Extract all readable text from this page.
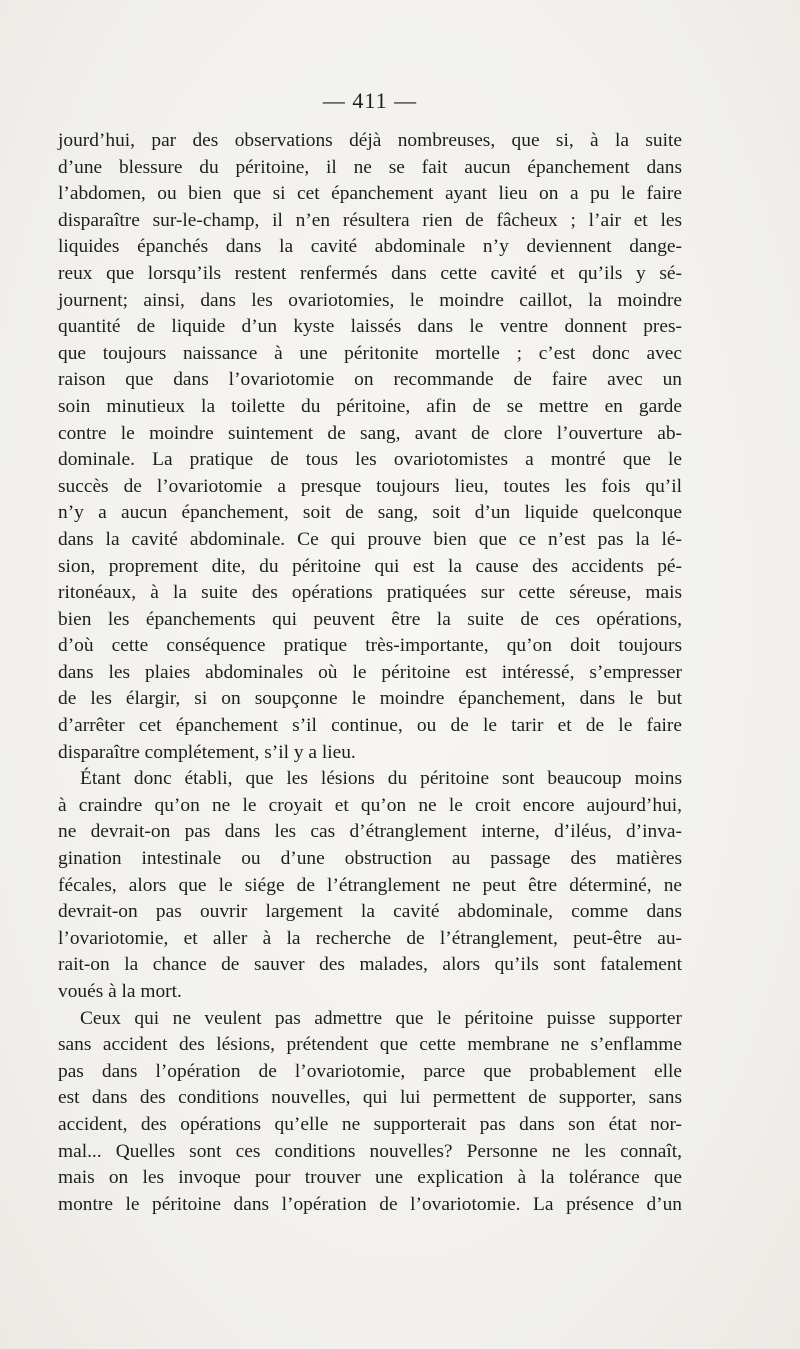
— 411 —
jourd’hui, par des observations déjà nombreuses, que si, à la suite
d’une blessure du péritoine, il ne se fait aucun épanchement dans
l’abdomen, ou bien que si cet épanchement ayant lieu on a pu le faire
disparaître sur-le-champ, il n’en résultera rien de fâcheux ; l’air et les
liquides épanchés dans la cavité abdominale n’y deviennent dange-
reux que lorsqu’ils restent renfermés dans cette cavité et qu’ils y sé-
journent; ainsi, dans les ovariotomies, le moindre caillot, la moindre
quantité de liquide d’un kyste laissés dans le ventre donnent pres-
que toujours naissance à une péritonite mortelle ; c’est donc avec
raison que dans l’ovariotomie on recommande de faire avec un
soin minutieux la toilette du péritoine, afin de se mettre en garde
contre le moindre suintement de sang, avant de clore l’ouverture ab-
dominale. La pratique de tous les ovariotomistes a montré que le
succès de l’ovariotomie a presque toujours lieu, toutes les fois qu’il
n’y a aucun épanchement, soit de sang, soit d’un liquide quelconque
dans la cavité abdominale. Ce qui prouve bien que ce n’est pas la lé-
sion, proprement dite, du péritoine qui est la cause des accidents pé-
ritonéaux, à la suite des opérations pratiquées sur cette séreuse, mais
bien les épanchements qui peuvent être la suite de ces opérations,
d’où cette conséquence pratique très-importante, qu’on doit toujours
dans les plaies abdominales où le péritoine est intéressé, s’empresser
de les élargir, si on soupçonne le moindre épanchement, dans le but
d’arrêter cet épanchement s’il continue, ou de le tarir et de le faire
disparaître complétement, s’il y a lieu.
Étant donc établi, que les lésions du péritoine sont beaucoup moins
à craindre qu’on ne le croyait et qu’on ne le croit encore aujourd’hui,
ne devrait-on pas dans les cas d’étranglement interne, d’iléus, d’inva-
gination intestinale ou d’une obstruction au passage des matières
fécales, alors que le siége de l’étranglement ne peut être déterminé, ne
devrait-on pas ouvrir largement la cavité abdominale, comme dans
l’ovariotomie, et aller à la recherche de l’étranglement, peut-être au-
rait-on la chance de sauver des malades, alors qu’ils sont fatalement
voués à la mort.
Ceux qui ne veulent pas admettre que le péritoine puisse supporter
sans accident des lésions, prétendent que cette membrane ne s’enflamme
pas dans l’opération de l’ovariotomie, parce que probablement elle
est dans des conditions nouvelles, qui lui permettent de supporter, sans
accident, des opérations qu’elle ne supporterait pas dans son état nor-
mal... Quelles sont ces conditions nouvelles? Personne ne les connaît,
mais on les invoque pour trouver une explication à la tolérance que
montre le péritoine dans l’opération de l’ovariotomie. La présence d’un
